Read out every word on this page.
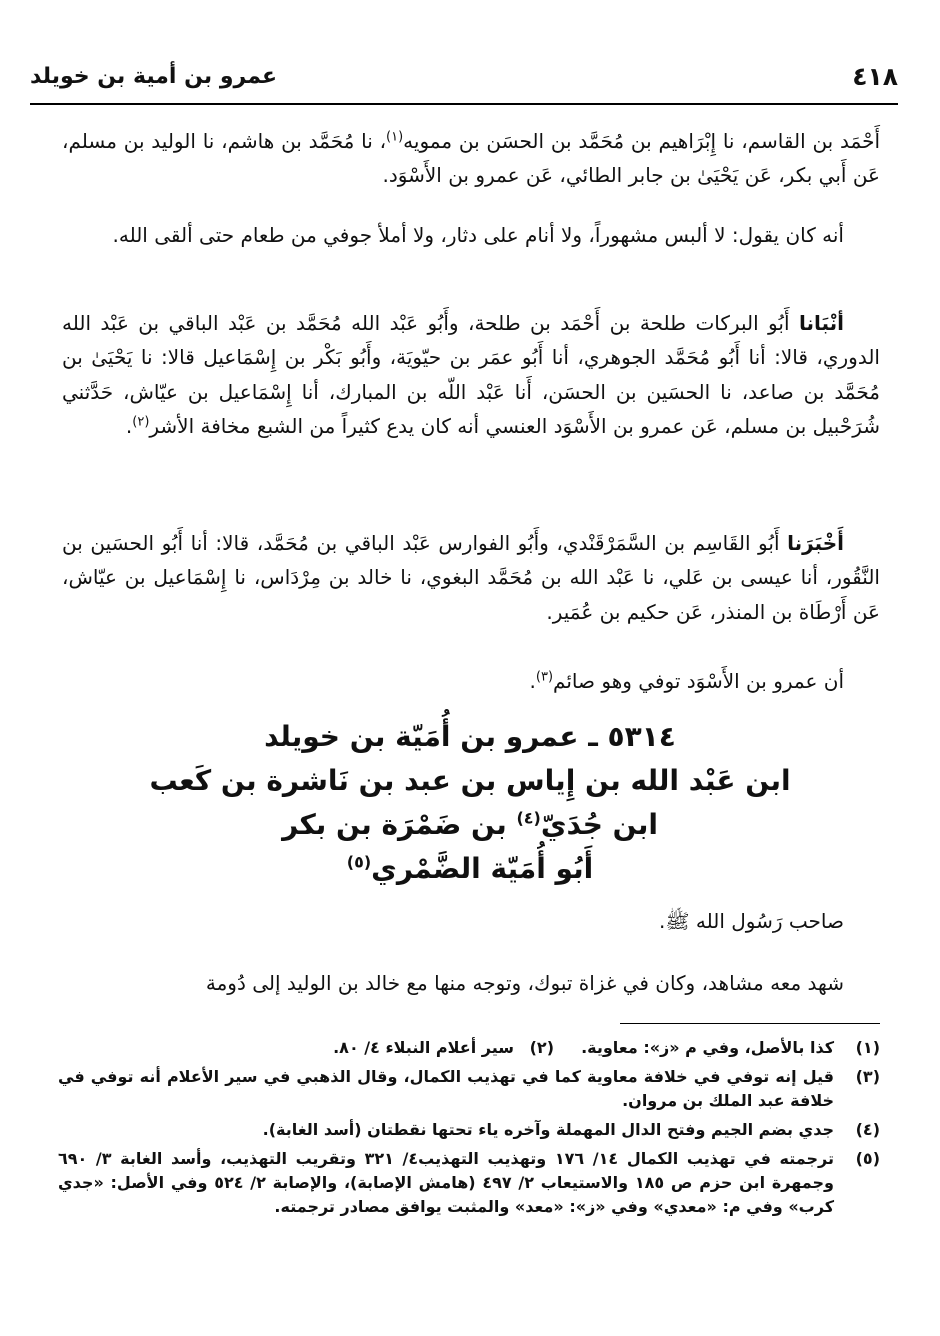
٤١٨
عمرو بن أمية بن خويلد
أَحْمَد بن القاسم، نا إِبْرَاهيم بن مُحَمَّد بن الحسَن بن ممويه$^{(١)}$، نا مُحَمَّد بن هاشم، نا الوليد بن مسلم، عَن أَبي بكر، عَن يَحْيَىٰ بن جابر الطائي، عَن عمرو بن الأَسْوَد.
أنه كان يقول: لا ألبس مشهوراً، ولا أنام على دثار، ولا أملأ جوفي من طعام حتى ألقى الله.
أنْبَانا أَبُو البركات طلحة بن أَحْمَد بن طلحة، وأَبُو عَبْد الله مُحَمَّد بن عَبْد الباقي بن عَبْد الله الدوري، قالا: أنا أَبُو مُحَمَّد الجوهري، أنا أَبُو عمَر بن حيّويَة، وأَبُو بَكْر بن إِسْمَاعيل قالا: نا يَحْيَىٰ بن مُحَمَّد بن صاعد، نا الحسَين بن الحسَن، أَنا عَبْد اللّه بن المبارك، أنا إِسْمَاعيل بن عيّاش، حَدَّثني شُرَحْبيل بن مسلم، عَن عمرو بن الأَسْوَد العنسي أنه كان يدع كثيراً من الشبع مخافة الأشر$^{(٢)}$.
أَخْبَرَنا أَبُو القَاسِم بن السَّمَرْقَنْدي، وأَبُو الفوارس عَبْد الباقي بن مُحَمَّد، قالا: أنا أَبُو الحسَين بن النَّقُور، أنا عيسى بن عَلي، نا عَبْد الله بن مُحَمَّد البغوي، نا خالد بن مِرْدَاس، نا إِسْمَاعيل بن عيّاش، عَن أَرْطَاة بن المنذر، عَن حكيم بن عُمَير.
أن عمرو بن الأَسْوَد توفي وهو صائم$^{(٣)}$.
٥٣١٤ ـ عمرو بن أُمَيّة بن خويلد
ابن عَبْد الله بن إِياس بن عبد بن نَاشرة بن كَعب
ابن جُدَيّ$^{(٤)}$ بن ضَمْرَة بن بكر
أَبُو أُمَيّة الضَّمْري$^{(٥)}$
صاحب رَسُول الله ﷺ.
شهد معه مشاهد، وكان في غزاة تبوك، وتوجه منها مع خالد بن الوليد إلى دُومة
(١)
كذا بالأصل، وفي م «ز»: معاوية.(٢)سير أعلام النبلاء ٤/ ٨٠.
(٣)
قيل إنه توفي في خلافة معاوية كما في تهذيب الكمال، وقال الذهبي في سير الأعلام أنه توفي في خلافة عبد الملك بن مروان.
(٤)
جدي بضم الجيم وفتح الدال المهملة وآخره ياء تحتها نقطتان (أسد الغابة).
(٥)
ترجمته في تهذيب الكمال ١٤/ ١٧٦ وتهذيب التهذيب٤/ ٣٢١ وتقريب التهذيب، وأسد الغابة ٣/ ٦٩٠ وجمهرة ابن حزم ص ١٨٥ والاستيعاب ٢/ ٤٩٧ (هامش الإصابة)، والإصابة ٢/ ٥٢٤ وفي الأصل: «جدي كرب» وفي م: «معدي» وفي «ز»: «معد» والمثبت يوافق مصادر ترجمته.
